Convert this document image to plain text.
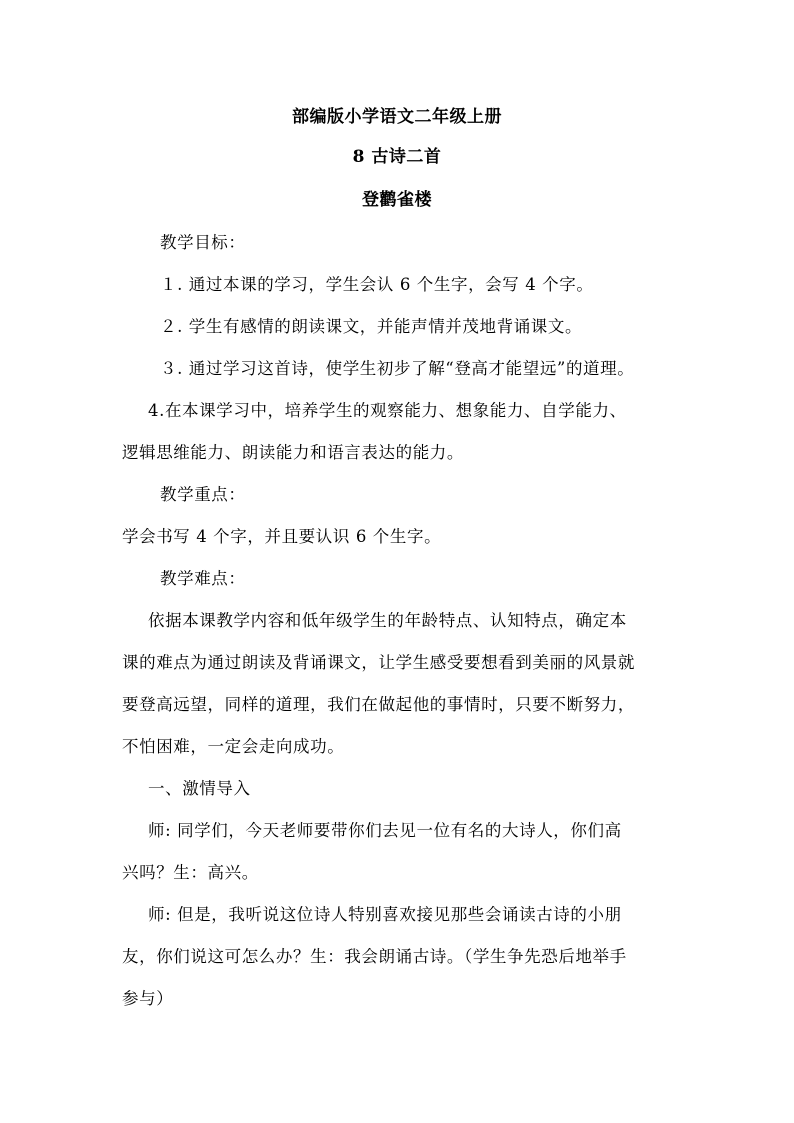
部编版小学语文二年级上册
8 古诗二首
登鹳雀楼
教学目标：
１. 通过本课的学习，学生会认 6 个生字，会写 4 个字。
２. 学生有感情的朗读课文，并能声情并茂地背诵课文。
３. 通过学习这首诗，使学生初步了解“登高才能望远”的道理。
4.在本课学习中，培养学生的观察能力、想象能力、自学能力、
逻辑思维能力、朗读能力和语言表达的能力。
教学重点：
学会书写 4 个字，并且要认识 6 个生字。
教学难点：
依据本课教学内容和低年级学生的年龄特点、认知特点，确定本
课的难点为通过朗读及背诵课文，让学生感受要想看到美丽的风景就
要登高远望，同样的道理，我们在做起他的事情时，只要不断努力，
不怕困难，一定会走向成功。
一、激情导入
师: 同学们，今天老师要带你们去见一位有名的大诗人，你们高
兴吗？生：高兴。
师: 但是，我听说这位诗人特别喜欢接见那些会诵读古诗的小朋
友，你们说这可怎么办？生：我会朗诵古诗。（学生争先恐后地举手
参与）
